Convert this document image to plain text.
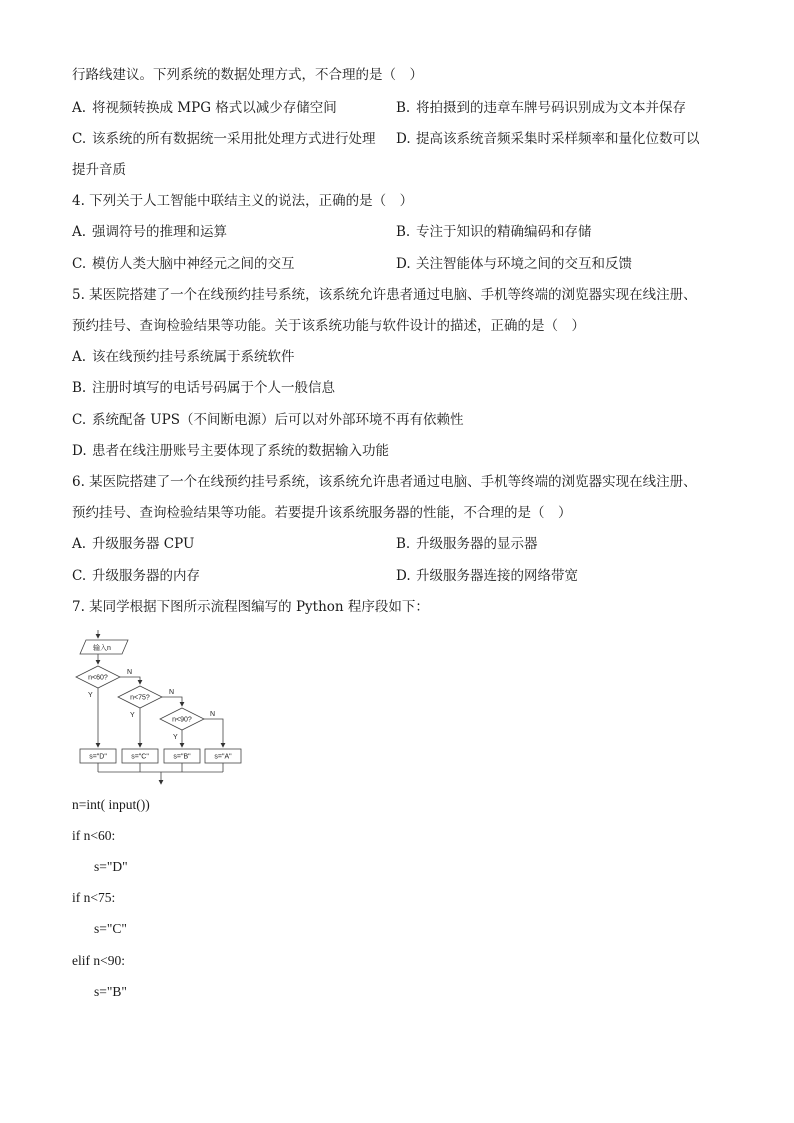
行路线建议。下列系统的数据处理方式，不合理的是（　）
A. 将视频转换成 MPG 格式以减少存储空间	B. 将拍摄到的违章车牌号码识别成为文本并保存
C. 该系统的所有数据统一采用批处理方式进行处理 D. 提高该系统音频采集时采样频率和量化位数可以
提升音质
4. 下列关于人工智能中联结主义的说法，正确的是（　）
A. 强调符号的推理和运算	B. 专注于知识的精确编码和存储
C. 模仿人类大脑中神经元之间的交互	D. 关注智能体与环境之间的交互和反馈
5. 某医院搭建了一个在线预约挂号系统，该系统允许患者通过电脑、手机等终端的浏览器实现在线注册、
预约挂号、查询检验结果等功能。关于该系统功能与软件设计的描述，正确的是（　）
A. 该在线预约挂号系统属于系统软件
B. 注册时填写的电话号码属于个人一般信息
C. 系统配备 UPS（不间断电源）后可以对外部环境不再有依赖性
D. 患者在线注册账号主要体现了系统的数据输入功能
6. 某医院搭建了一个在线预约挂号系统，该系统允许患者通过电脑、手机等终端的浏览器实现在线注册、
预约挂号、查询检验结果等功能。若要提升该系统服务器的性能，不合理的是（　）
A. 升级服务器 CPU	B. 升级服务器的显示器
C. 升级服务器的内存	D. 升级服务器连接的网络带宽
7. 某同学根据下图所示流程图编写的 Python 程序段如下：
输入n
n<60?
n<75?
n<90?
N
N
N
Y
Y
Y
s="D"	s="C"	s="B"	s="A"
n=int( input())
if n<60:
s="D"
if n<75:
s="C"
elif n<90:
s="B"
